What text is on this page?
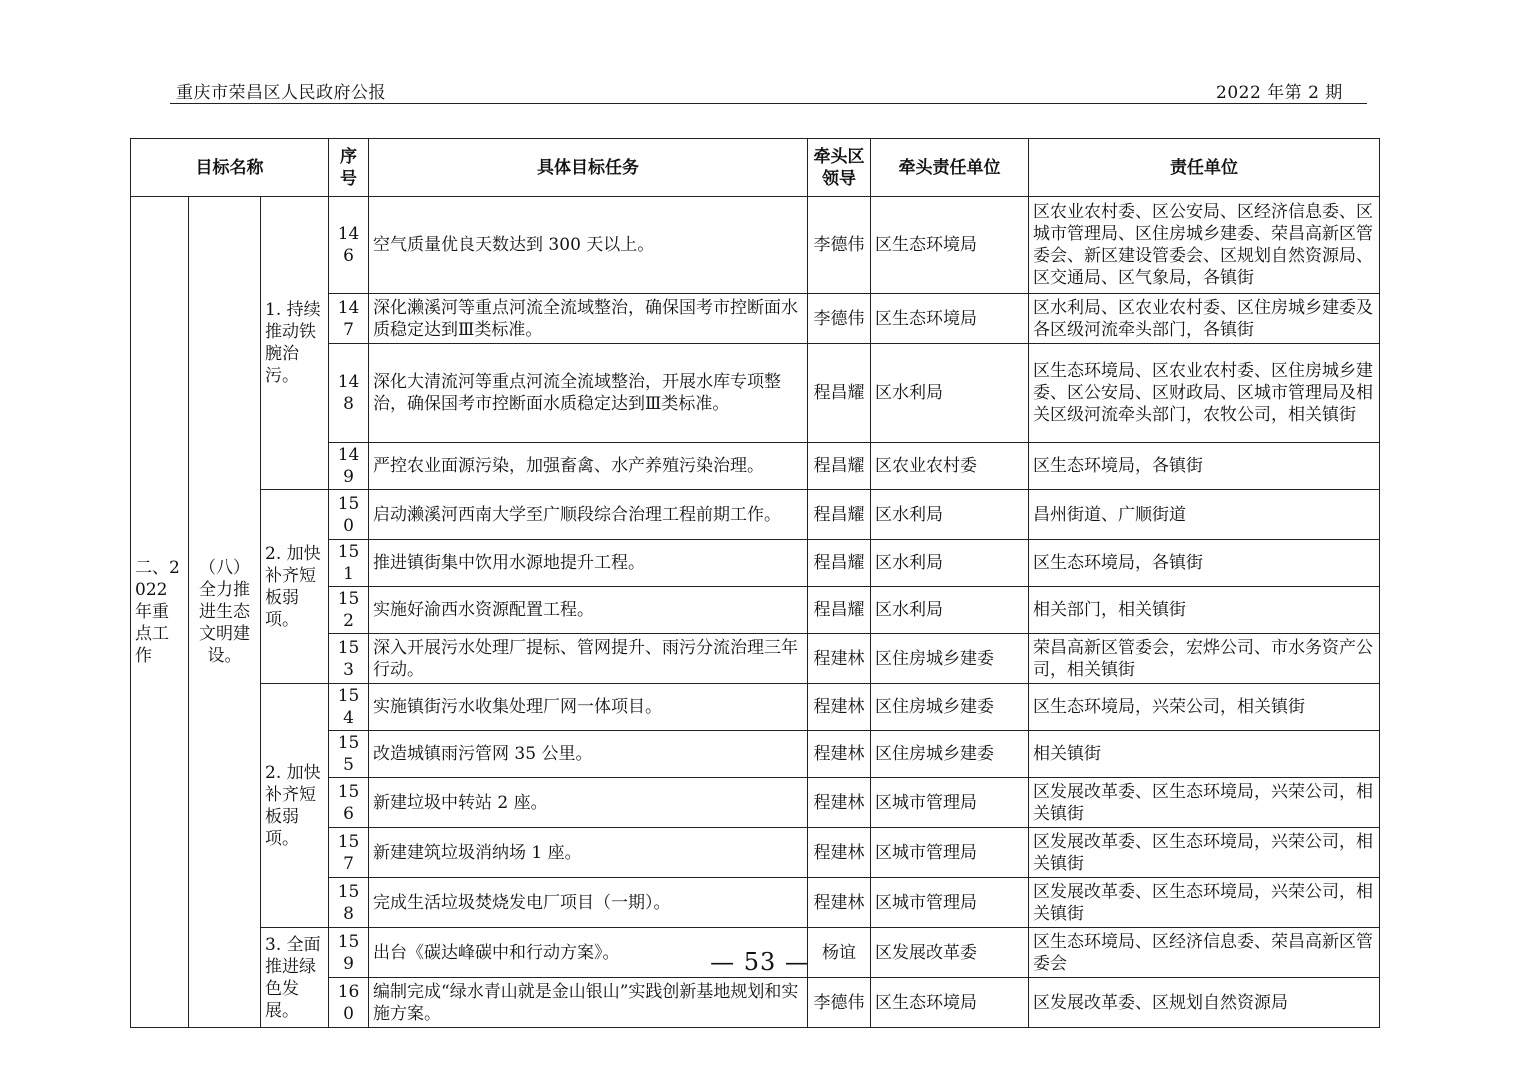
重庆市荣昌区人民政府公报	2022 年第 2 期
目标名称			序号	具体目标任务	牵头区领导	牵头责任单位	责任单位
二、2022年重点工作	（八）全力推进生态文明建设。	1. 持续推动铁腕治污。	146	空气质量优良天数达到 300 天以上。	李德伟	区生态环境局	区农业农村委、区公安局、区经济信息委、区城市管理局、区住房城乡建委、荣昌高新区管委会、新区建设管委会、区规划自然资源局、区交通局、区气象局，各镇街
			147	深化濑溪河等重点河流全流域整治，确保国考市控断面水质稳定达到Ⅲ类标准。	李德伟	区生态环境局	区水利局、区农业农村委、区住房城乡建委及各区级河流牵头部门，各镇街
			148	深化大清流河等重点河流全流域整治，开展水库专项整治，确保国考市控断面水质稳定达到Ⅲ类标准。	程昌耀	区水利局	区生态环境局、区农业农村委、区住房城乡建委、区公安局、区财政局、区城市管理局及相关区级河流牵头部门，农牧公司，相关镇街
			149	严控农业面源污染，加强畜禽、水产养殖污染治理。	程昌耀	区农业农村委	区生态环境局，各镇街
		2. 加快补齐短板弱项。	150	启动濑溪河西南大学至广顺段综合治理工程前期工作。	程昌耀	区水利局	昌州街道、广顺街道
			151	推进镇街集中饮用水源地提升工程。	程昌耀	区水利局	区生态环境局，各镇街
			152	实施好渝西水资源配置工程。	程昌耀	区水利局	相关部门，相关镇街
			153	深入开展污水处理厂提标、管网提升、雨污分流治理三年行动。	程建林	区住房城乡建委	荣昌高新区管委会，宏烨公司、市水务资产公司，相关镇街
		2. 加快补齐短板弱项。	154	实施镇街污水收集处理厂网一体项目。	程建林	区住房城乡建委	区生态环境局，兴荣公司，相关镇街
			155	改造城镇雨污管网 35 公里。	程建林	区住房城乡建委	相关镇街
			156	新建垃圾中转站 2 座。	程建林	区城市管理局	区发展改革委、区生态环境局，兴荣公司，相关镇街
			157	新建建筑垃圾消纳场 1 座。	程建林	区城市管理局	区发展改革委、区生态环境局，兴荣公司，相关镇街
			158	完成生活垃圾焚烧发电厂项目（一期）。	程建林	区城市管理局	区发展改革委、区生态环境局，兴荣公司，相关镇街
		3. 全面推进绿色发展。	159	出台《碳达峰碳中和行动方案》。	杨谊	区发展改革委	区生态环境局、区经济信息委、荣昌高新区管委会
			160	编制完成“绿水青山就是金山银山”实践创新基地规划和实施方案。	李德伟	区生态环境局	区发展改革委、区规划自然资源局
— 53 —
